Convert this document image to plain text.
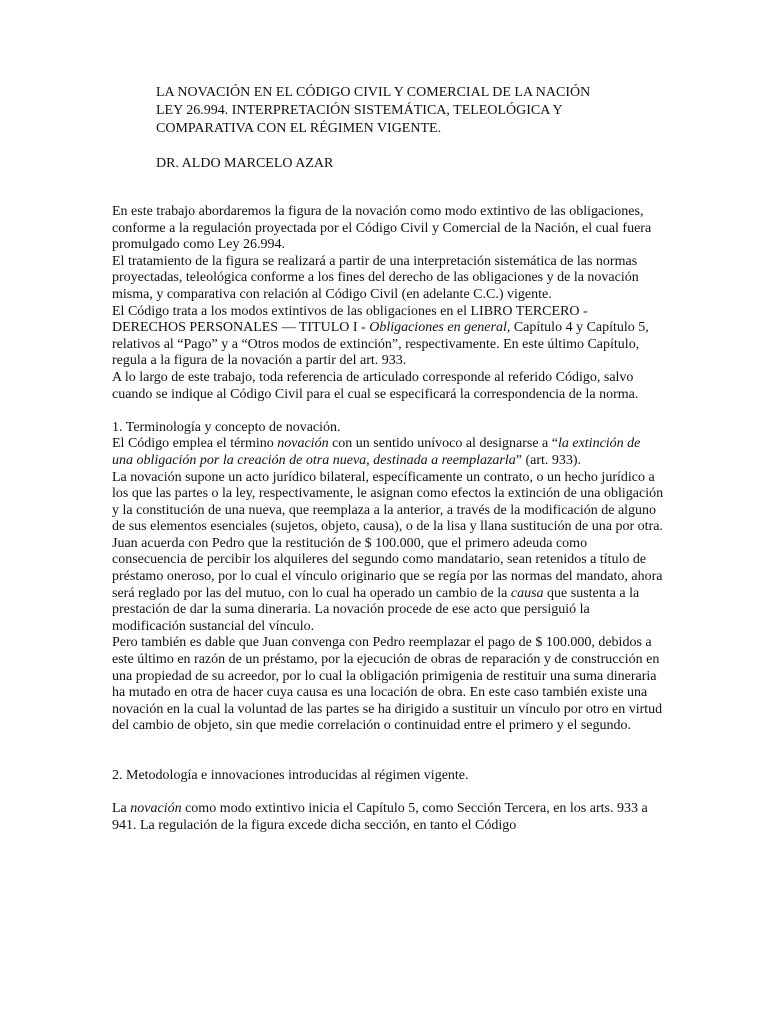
LA NOVACIÓN EN EL CÓDIGO CIVIL Y COMERCIAL DE LA NACIÓN

LEY 26.994. INTERPRETACIÓN SISTEMÁTICA, TELEOLÓGICA Y

COMPARATIVA CON EL RÉGIMEN VIGENTE.

DR. ALDO MARCELO AZAR

En este trabajo abordaremos la figura de la novación como modo extintivo de las obligaciones, conforme a la regulación proyectada por el Código Civil y Comercial de la Nación, el cual fuera promulgado como Ley 26.994.

El tratamiento de la figura se realizará a partir de una interpretación sistemática de las normas proyectadas, teleológica conforme a los fines del derecho de las obligaciones y de la novación misma, y comparativa con relación al Código Civil (en adelante C.C.) vigente.

El Código trata a los modos extintivos de las obligaciones en el LIBRO TERCERO - DERECHOS PERSONALES — TITULO I - Obligaciones en general, Capítulo 4 y Capítulo 5, relativos al “Pago” y a “Otros modos de extinción”, respectivamente. En este último Capítulo, regula a la figura de la novación a partir del art. 933.

A lo largo de este trabajo, toda referencia de articulado corresponde al referido Código, salvo cuando se indique al Código Civil para el cual se especificará la correspondencia de la norma.

1. Terminología y concepto de novación.

El Código emplea el término novación con un sentido unívoco al designarse a “la extinción de una obligación por la creación de otra nueva, destinada a reemplazarla” (art. 933).

La novación supone un acto jurídico bilateral, específicamente un contrato, o un hecho jurídico a los que las partes o la ley, respectivamente, le asignan como efectos la extinción de una obligación y la constitución de una nueva, que reemplaza a la anterior, a través de la modificación de alguno de sus elementos esenciales (sujetos, objeto, causa), o de la lisa y llana sustitución de una por otra.

Juan acuerda con Pedro que la restitución de $ 100.000, que el primero adeuda como consecuencia de percibir los alquileres del segundo como mandatario, sean retenidos a título de préstamo oneroso, por lo cual el vínculo originario que se regía por las normas del mandato, ahora será reglado por las del mutuo, con lo cual ha operado un cambio de la causa que sustenta a la prestación de dar la suma dineraria. La novación procede de ese acto que persiguió la modificación sustancial del vínculo.

Pero también es dable que Juan convenga con Pedro reemplazar el pago de $ 100.000, debidos a este último en razón de un préstamo, por la ejecución de obras de reparación y de construcción en una propiedad de su acreedor, por lo cual la obligación primigenia de restituir una suma dineraria ha mutado en otra de hacer cuya causa es una locación de obra. En este caso también existe una novación en la cual la voluntad de las partes se ha dirigido a sustituir un vínculo por otro en virtud del cambio de objeto, sin que medie correlación o continuidad entre el primero y el segundo.

2. Metodología e innovaciones introducidas al régimen vigente.

La novación como modo extintivo inicia el Capítulo 5, como Sección Tercera, en los arts. 933 a 941. La regulación de la figura excede dicha sección, en tanto el Código
